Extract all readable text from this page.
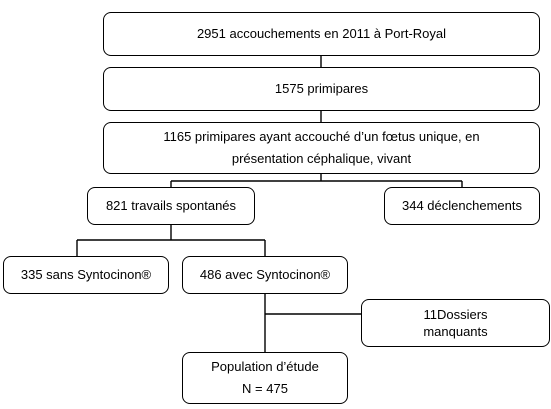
2951 accouchements en 2011 à Port-Royal
1575 primipares
1165 primipares ayant accouché d’un fœtus unique, en
présentation céphalique, vivant
821 travails spontanés	344 déclenchements
335 sans Syntocinon®	486 avec Syntocinon®
11Dossiers
manquants
Population d’étude
N = 475
